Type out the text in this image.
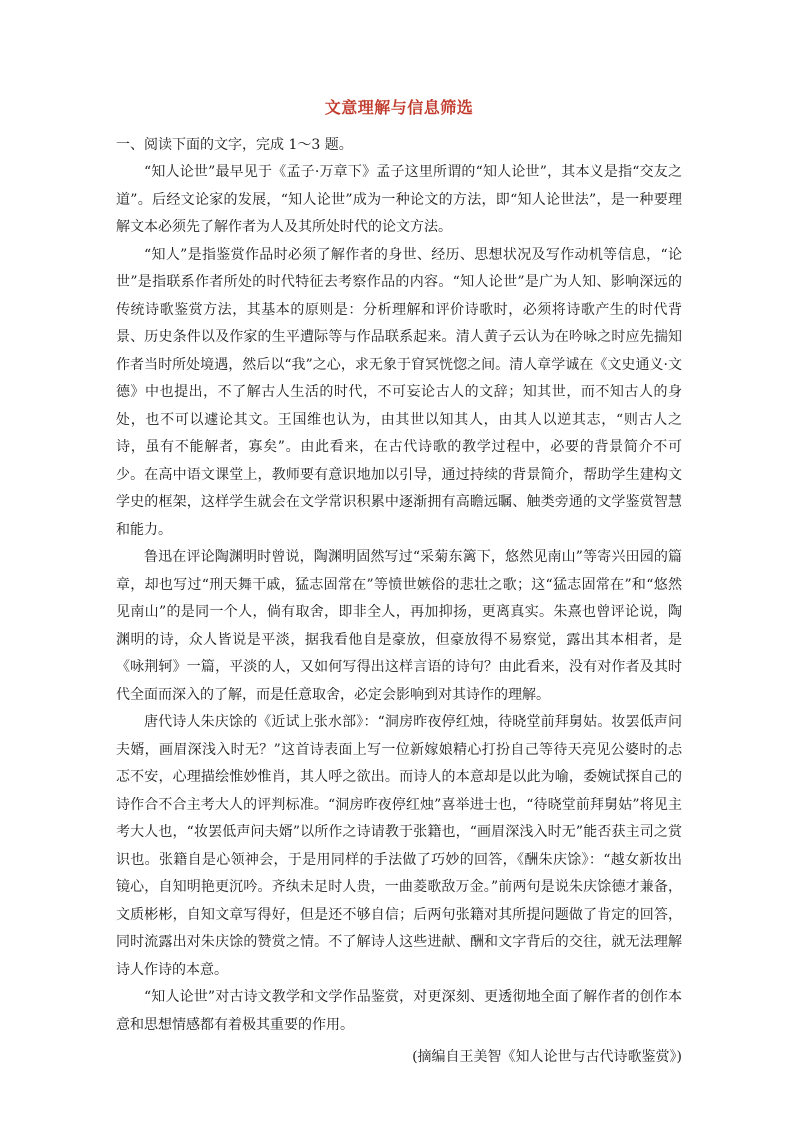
文意理解与信息筛选

一、阅读下面的文字，完成 1～3 题。

“知人论世”最早见于《孟子·万章下》孟子这里所谓的“知人论世”，其本义是指“交友之道”。后经文论家的发展，“知人论世”成为一种论文的方法，即“知人论世法”，是一种要理解文本必须先了解作者为人及其所处时代的论文方法。

“知人”是指鉴赏作品时必须了解作者的身世、经历、思想状况及写作动机等信息，“论世”是指联系作者所处的时代特征去考察作品的内容。“知人论世”是广为人知、影响深远的传统诗歌鉴赏方法，其基本的原则是：分析理解和评价诗歌时，必须将诗歌产生的时代背景、历史条件以及作家的生平遭际等与作品联系起来。清人黄子云认为在吟咏之时应先揣知作者当时所处境遇，然后以“我”之心，求无象于窅冥恍惚之间。清人章学诚在《文史通义·文德》中也提出，不了解古人生活的时代，不可妄论古人的文辞；知其世，而不知古人的身处，也不可以遽论其文。王国维也认为，由其世以知其人，由其人以逆其志，“则古人之诗，虽有不能解者，寡矣”。由此看来，在古代诗歌的教学过程中，必要的背景简介不可少。在高中语文课堂上，教师要有意识地加以引导，通过持续的背景简介，帮助学生建构文学史的框架，这样学生就会在文学常识积累中逐渐拥有高瞻远瞩、触类旁通的文学鉴赏智慧和能力。

鲁迅在评论陶渊明时曾说，陶渊明固然写过“采菊东篱下，悠然见南山”等寄兴田园的篇章，却也写过“刑天舞干戚，猛志固常在”等愤世嫉俗的悲壮之歌；这“猛志固常在”和“悠然见南山”的是同一个人，倘有取舍，即非全人，再加抑扬，更离真实。朱熹也曾评论说，陶渊明的诗，众人皆说是平淡，据我看他自是豪放，但豪放得不易察觉，露出其本相者，是《咏荆轲》一篇，平淡的人，又如何写得出这样言语的诗句？由此看来，没有对作者及其时代全面而深入的了解，而是任意取舍，必定会影响到对其诗作的理解。

唐代诗人朱庆馀的《近试上张水部》：“洞房昨夜停红烛，待晓堂前拜舅姑。妆罢低声问夫婿，画眉深浅入时无？”这首诗表面上写一位新嫁娘精心打扮自己等待天亮见公婆时的忐忑不安，心理描绘惟妙惟肖，其人呼之欲出。而诗人的本意却是以此为喻，委婉试探自己的诗作合不合主考大人的评判标准。“洞房昨夜停红烛”喜举进士也，“待晓堂前拜舅姑”将见主考大人也，“妆罢低声问夫婿”以所作之诗请教于张籍也，“画眉深浅入时无”能否获主司之赏识也。张籍自是心领神会，于是用同样的手法做了巧妙的回答，《酬朱庆馀》：“越女新妆出镜心，自知明艳更沉吟。齐纨未足时人贵，一曲菱歌敌万金。”前两句是说朱庆馀德才兼备，文质彬彬，自知文章写得好，但是还不够自信；后两句张籍对其所提问题做了肯定的回答，同时流露出对朱庆馀的赞赏之情。不了解诗人这些进献、酬和文字背后的交往，就无法理解诗人作诗的本意。

“知人论世”对古诗文教学和文学作品鉴赏，对更深刻、更透彻地全面了解作者的创作本意和思想情感都有着极其重要的作用。

(摘编自王美智《知人论世与古代诗歌鉴赏》)
